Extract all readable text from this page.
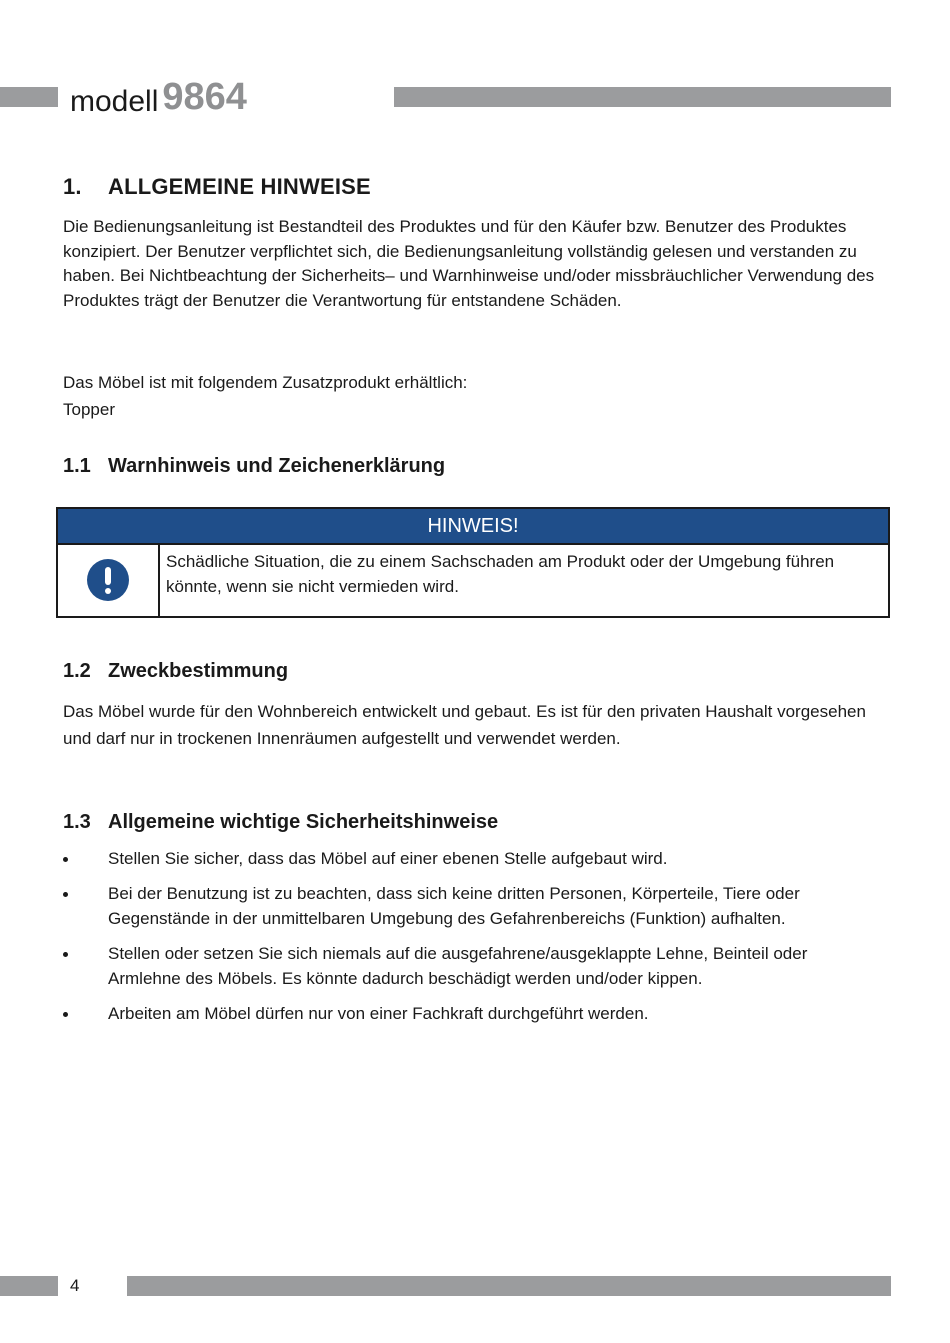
modell 9864
1. ALLGEMEINE HINWEISE
Die Bedienungsanleitung ist Bestandteil des Produktes und für den Käufer bzw. Benutzer des Produktes konzipiert. Der Benutzer verpflichtet sich, die Bedienungsanleitung vollständig gelesen und verstanden zu haben. Bei Nichtbeachtung der Sicherheits– und Warnhinweise und/oder missbräuchlicher Verwendung des Produktes trägt der Benutzer die Verantwortung für entstandene Schäden.
Das Möbel ist mit folgendem Zusatzprodukt erhältlich:
Topper
1.1 Warnhinweis und Zeichenerklärung
HINWEIS!
Schädliche Situation, die zu einem Sachschaden am Produkt oder der Umgebung führen könnte, wenn sie nicht vermieden wird.
1.2 Zweckbestimmung
Das Möbel wurde für den Wohnbereich entwickelt und gebaut. Es ist für den privaten Haushalt vorgesehen und darf nur in trockenen Innenräumen aufgestellt und verwendet werden.
1.3 Allgemeine wichtige Sicherheitshinweise
Stellen Sie sicher, dass das Möbel auf einer ebenen Stelle aufgebaut wird.
Bei der Benutzung ist zu beachten, dass sich keine dritten Personen, Körperteile, Tiere oder Gegenstände in der unmittelbaren Umgebung des Gefahrenbereichs (Funktion) aufhalten.
Stellen oder setzen Sie sich niemals auf die ausgefahrene/ausgeklappte Lehne, Beinteil oder Armlehne des Möbels. Es könnte dadurch beschädigt werden und/oder kippen.
Arbeiten am Möbel dürfen nur von einer Fachkraft durchgeführt werden.
4
